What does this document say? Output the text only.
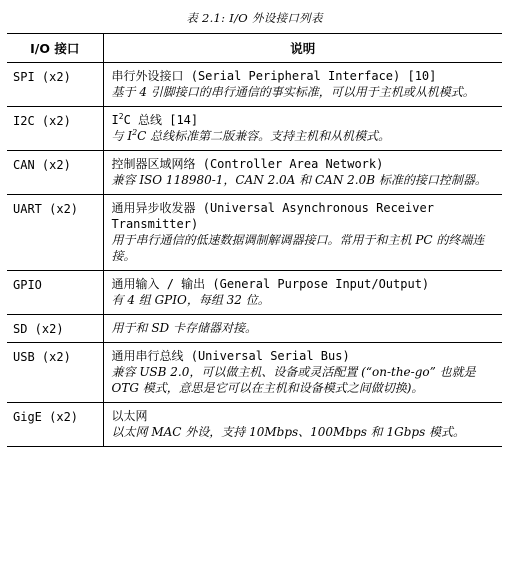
表 2.1: I/O 外设接口列表
I/O 接口	说明
SPI (x2)	串行外设接口 (Serial Peripheral Interface) [10]
基于 4 引脚接口的串行通信的事实标准，可以用于主机或从机模式。

I2C (x2)	$I^2C$ 总线 [14]
与 $I^2C$ 总线标准第二版兼容。支持主机和从机模式。

CAN (x2)	控制器区域网络 (Controller Area Network)
兼容 ISO 118980-1，CAN 2.0A 和 CAN 2.0B 标准的接口控制器。

UART (x2)	通用异步收发器 (Universal Asynchronous Receiver Transmitter)
用于串行通信的低速数据调制解调器接口。常用于和主机 PC 的终端连接。

GPIO	通用输入 / 输出 (General Purpose Input/Output)
有 4 组 GPIO，每组 32 位。

SD (x2)	用于和 SD 卡存储器对接。

USB (x2)	通用串行总线 (Universal Serial Bus)
兼容 USB 2.0，可以做主机、设备或灵活配置 (“on-the-go” 也就是 OTG 模式，意思是它可以在主机和设备模式之间做切换)。

GigE (x2)	以太网
以太网 MAC 外设，支持 10Mbps、100Mbps 和 1Gbps 模式。
